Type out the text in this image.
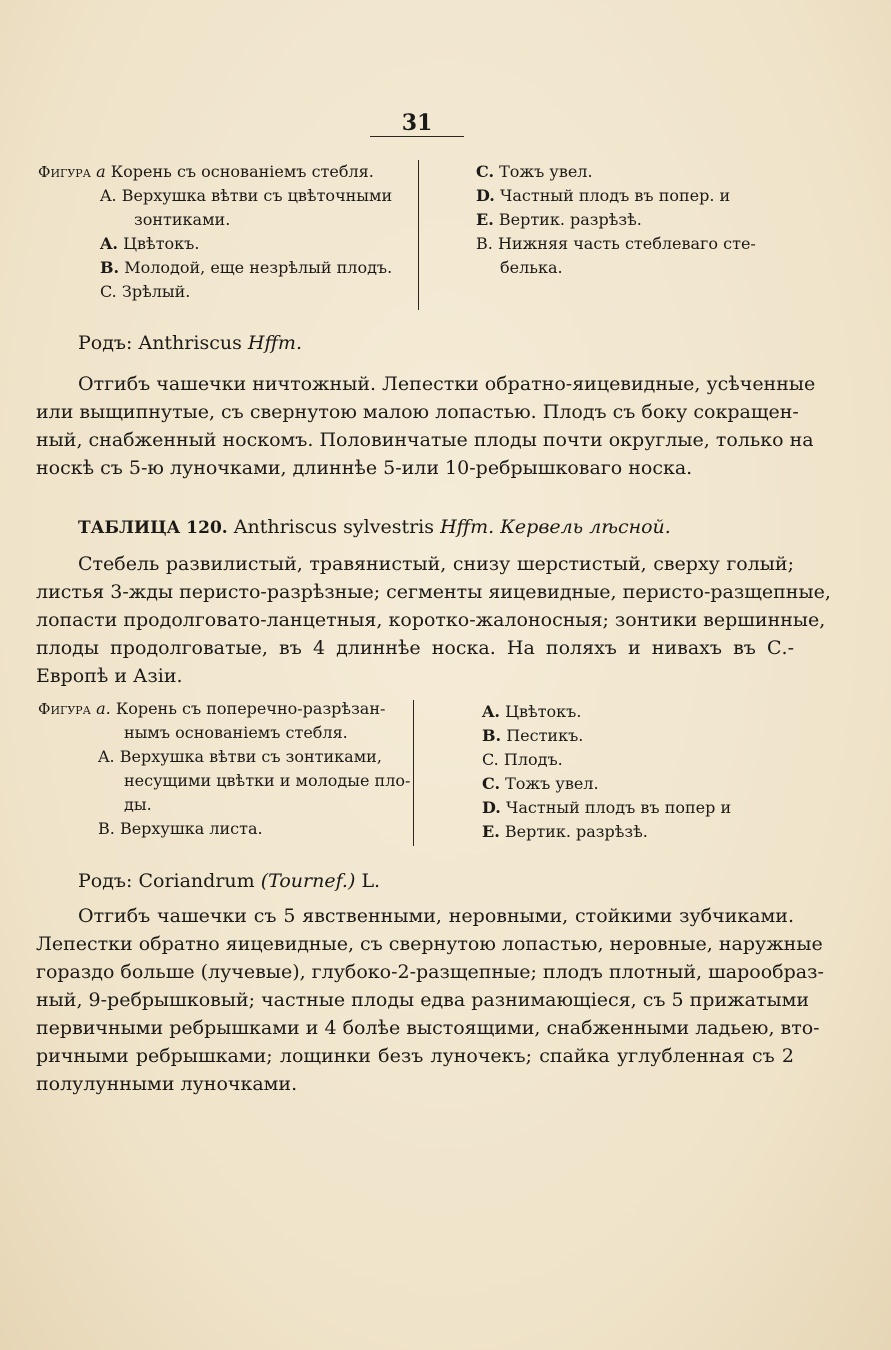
31
Фигура a Корень съ основаніемъ стебля.
A. Верхушка вѣтви съ цвѣточными
зонтиками.
A. Цвѣтокъ.
B. Молодой, еще незрѣлый плодъ.
C. Зрѣлый.
C. Тожъ увел.
D. Частный плодъ въ попер. и
E. Вертик. разрѣзѣ.
B. Нижняя часть стеблеваго сте-
белька.
Родъ: Anthriscus Hffm.
Отгибъ чашечки ничтожный. Лепестки обратно-яицевидные, усѣченные
или выщипнутые, съ свернутою малою лопастью. Плодъ съ боку сокращен-
ный, снабженный носкомъ. Половинчатые плоды почти округлые, только на
носкѣ съ 5-ю луночками, длиннѣе 5-или 10-ребрышковаго носка.
ТАБЛИЦА 120. Anthriscus sylvestris Hffm. Кервель лѣсной.
Стебель развилистый, травянистый, снизу шерстистый, сверху голый;
листья 3-жды перисто-разрѣзные; сегменты яицевидные, перисто-разщепные,
лопасти продолговато-ланцетныя, коротко-жалоносныя; зонтики вершинные,
плоды продолговатые, въ 4 длиннѣе носка. На поляхъ и нивахъ въ С.-
Европѣ и Азіи.
Фигура a. Корень съ поперечно-разрѣзан-
нымъ основаніемъ стебля.
A. Верхушка вѣтви съ зонтиками,
несущими цвѣтки и молодые пло-
ды.
B. Верхушка листа.
A. Цвѣтокъ.
B. Пестикъ.
C. Плодъ.
C. Тожъ увел.
D. Частный плодъ въ попер и
E. Вертик. разрѣзѣ.
Родъ: Coriandrum (Tournef.) L.
Отгибъ чашечки съ 5 явственными, неровными, стойкими зубчиками.
Лепестки обратно яицевидные, съ свернутою лопастью, неровные, наружные
гораздо больше (лучевые), глубоко-2-разщепные; плодъ плотный, шарообраз-
ный, 9-ребрышковый; частные плоды едва разнимающіеся, съ 5 прижатыми
первичными ребрышками и 4 болѣе выстоящими, снабженными ладьею, вто-
ричными ребрышками; лощинки безъ луночекъ; спайка углубленная съ 2
полулунными луночками.
